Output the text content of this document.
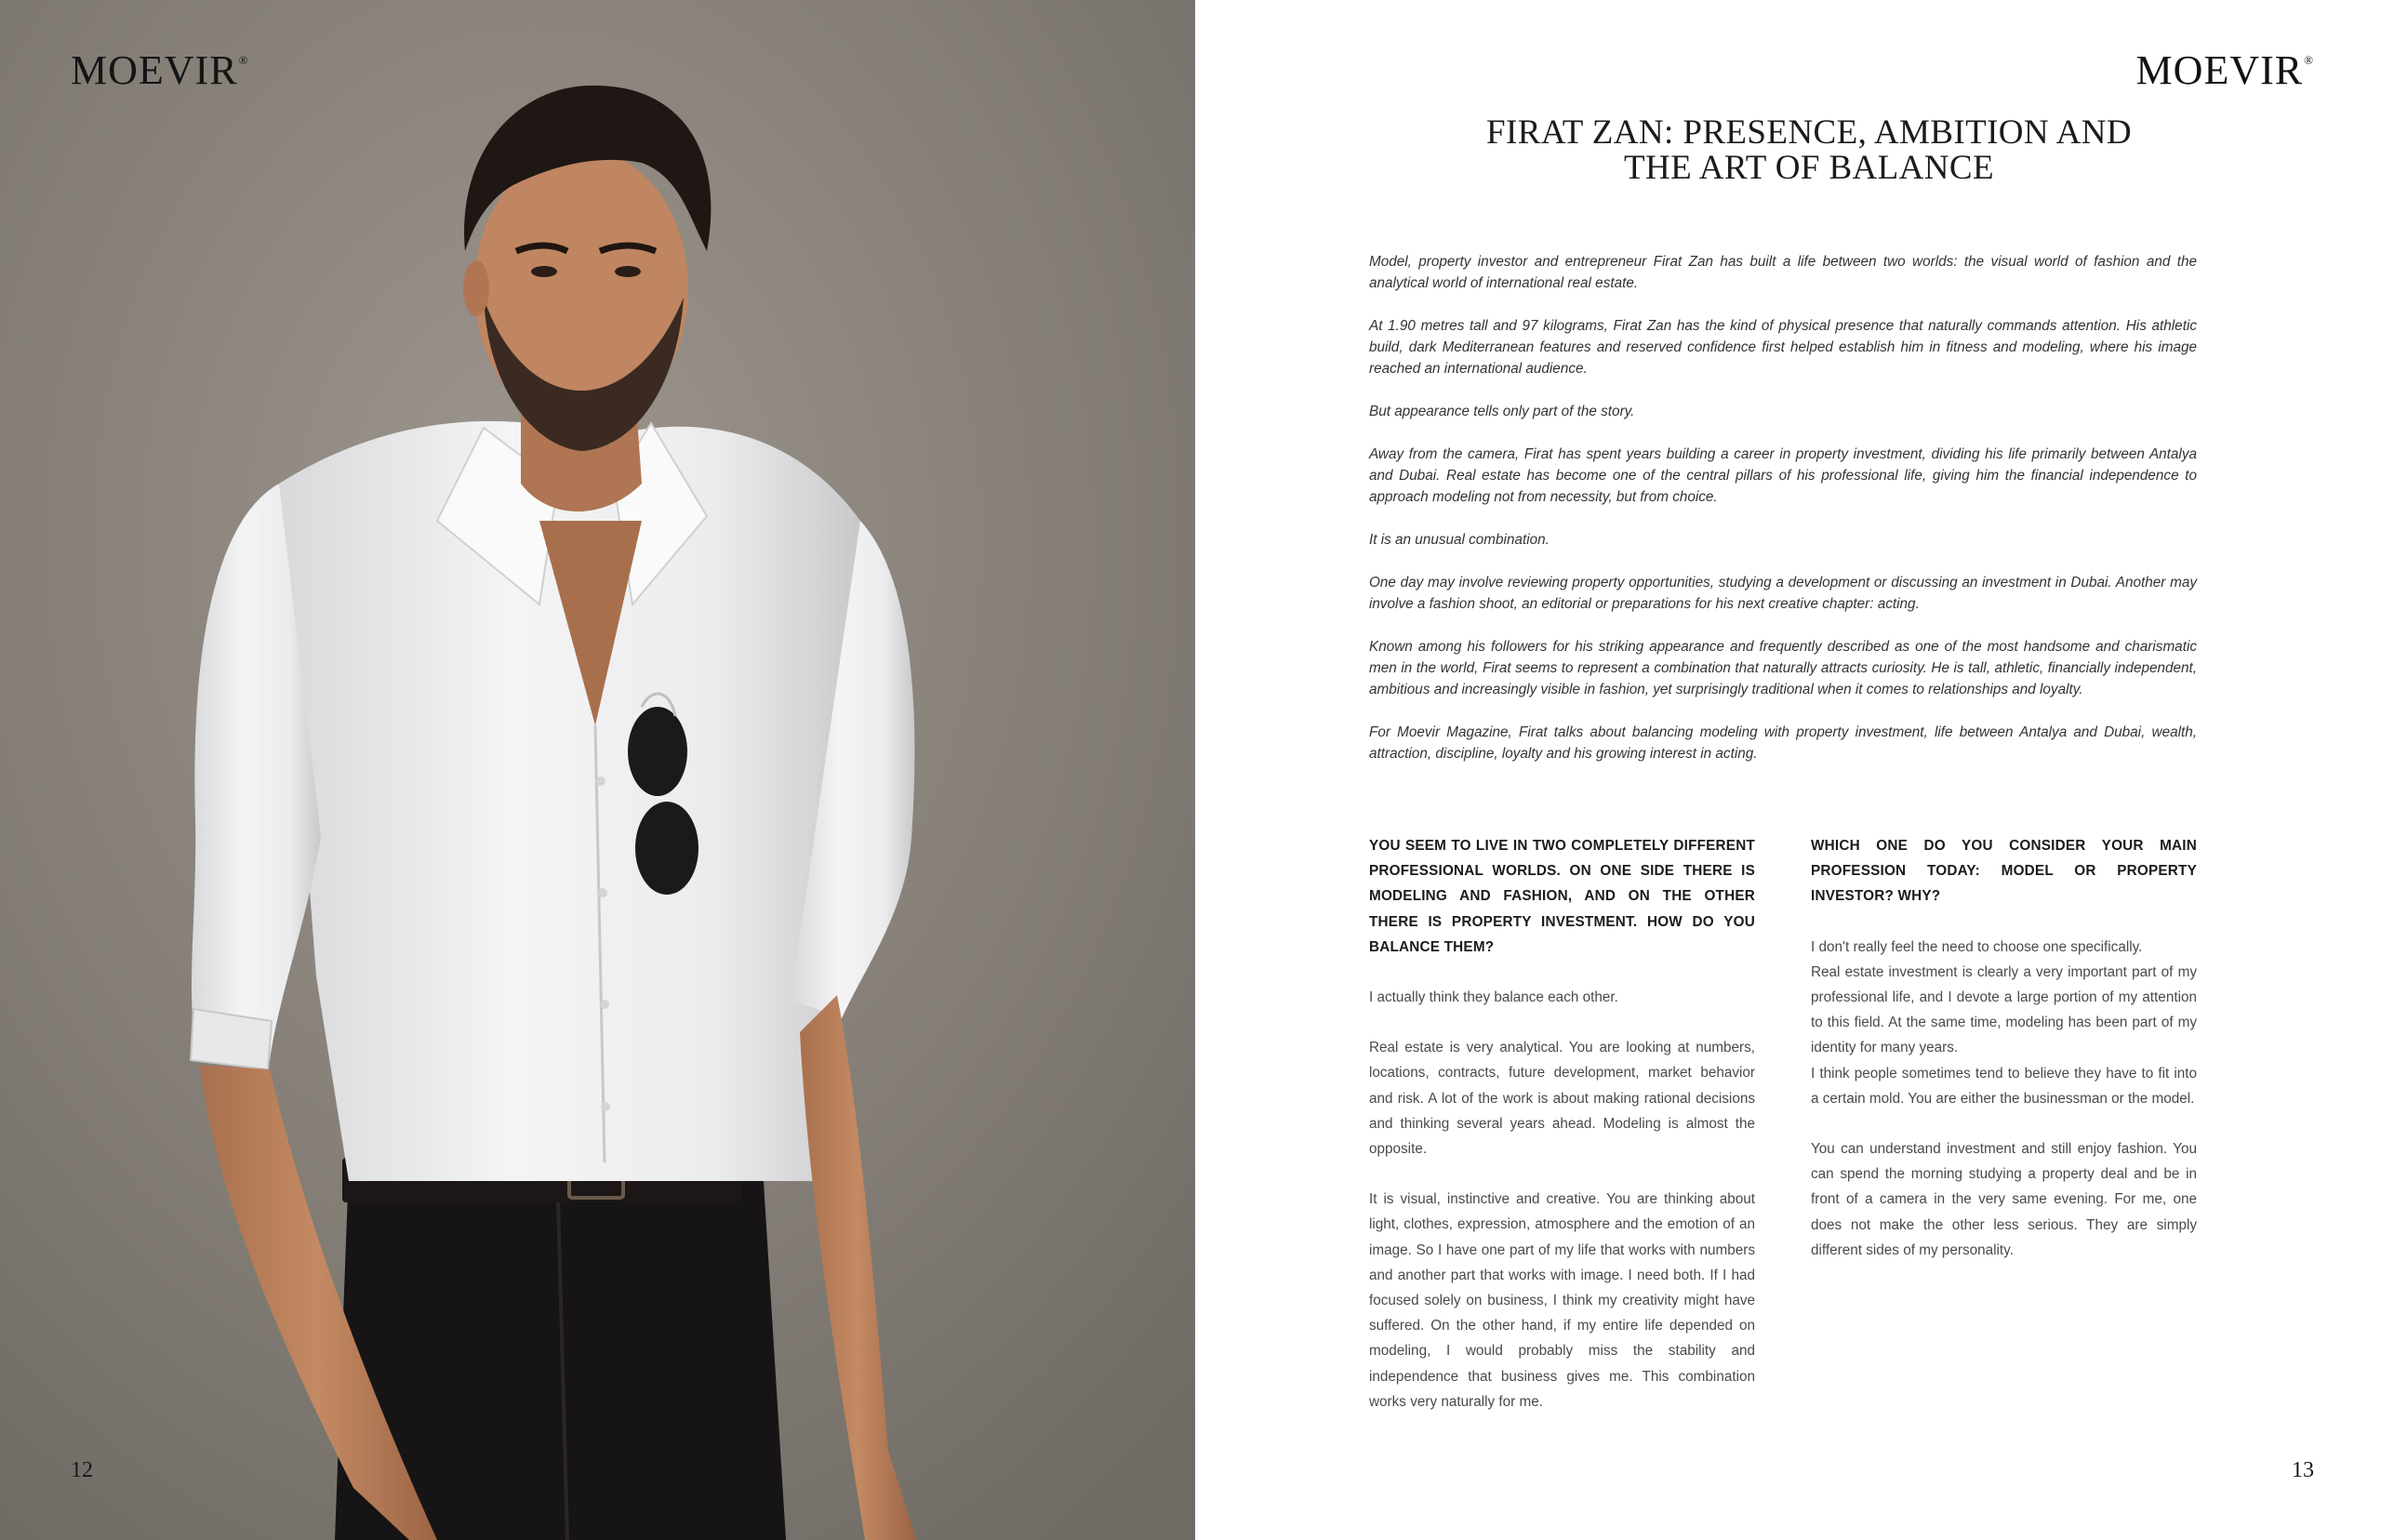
MOEVIR®
12
MOEVIR®
FIRAT ZAN: PRESENCE, AMBITION AND
THE ART OF BALANCE

Model, property investor and entrepreneur Firat Zan has built a life between two worlds: the visual world of fashion and the analytical world of international real estate.

At 1.90 metres tall and 97 kilograms, Firat Zan has the kind of physical presence that naturally commands attention. His athletic build, dark Mediterranean features and reserved confidence first helped establish him in fitness and modeling, where his image reached an international audience.

But appearance tells only part of the story.

Away from the camera, Firat has spent years building a career in property investment, dividing his life primarily between Antalya and Dubai. Real estate has become one of the central pillars of his professional life, giving him the financial independence to approach modeling not from necessity, but from choice.

It is an unusual combination.

One day may involve reviewing property opportunities, studying a development or discussing an investment in Dubai. Another may involve a fashion shoot, an editorial or preparations for his next creative chapter: acting.

Known among his followers for his striking appearance and frequently described as one of the most handsome and charismatic men in the world, Firat seems to represent a combination that naturally attracts curiosity. He is tall, athletic, financially independent, ambitious and increasingly visible in fashion, yet surprisingly traditional when it comes to relationships and loyalty.

For Moevir Magazine, Firat talks about balancing modeling with property investment, life between Antalya and Dubai, wealth, attraction, discipline, loyalty and his growing interest in acting.

YOU SEEM TO LIVE IN TWO COMPLETELY DIFFERENT PROFESSIONAL WORLDS. ON ONE SIDE THERE IS MODELING AND FASHION, AND ON THE OTHER THERE IS PROPERTY INVESTMENT. HOW DO YOU BALANCE THEM?

I actually think they balance each other.

Real estate is very analytical. You are looking at numbers, locations, contracts, future development, market behavior and risk. A lot of the work is about making rational decisions and thinking several years ahead. Modeling is almost the opposite.

It is visual, instinctive and creative. You are thinking about light, clothes, expression, atmosphere and the emotion of an image. So I have one part of my life that works with numbers and another part that works with image. I need both. If I had focused solely on business, I think my creativity might have suffered. On the other hand, if my entire life depended on modeling, I would probably miss the stability and independence that business gives me. This combination works very naturally for me.

WHICH ONE DO YOU CONSIDER YOUR MAIN PROFESSION TODAY: MODEL OR PROPERTY INVESTOR? WHY?

I don't really feel the need to choose one specifically.

Real estate investment is clearly a very important part of my professional life, and I devote a large portion of my attention to this field. At the same time, modeling has been part of my identity for many years.

I think people sometimes tend to believe they have to fit into a certain mold. You are either the businessman or the model.

You can understand investment and still enjoy fashion. You can spend the morning studying a property deal and be in front of a camera in the very same evening. For me, one does not make the other less serious. They are simply different sides of my personality.

13
